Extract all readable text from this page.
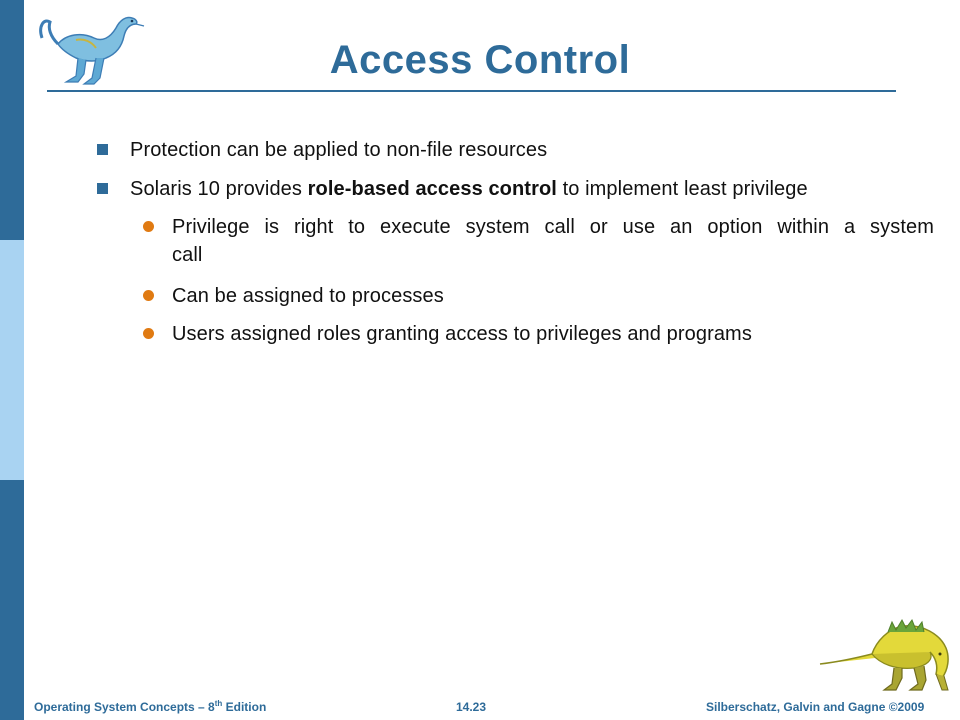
Access Control
Protection can be applied to non-file resources
Solaris 10 provides role-based access control to implement least privilege
Privilege is right to execute system call or use an option within a system
call
Can be assigned to processes
Users assigned roles granting access to privileges and programs
Operating System Concepts – 8th Edition	14.23	Silberschatz, Galvin and Gagne ©2009
